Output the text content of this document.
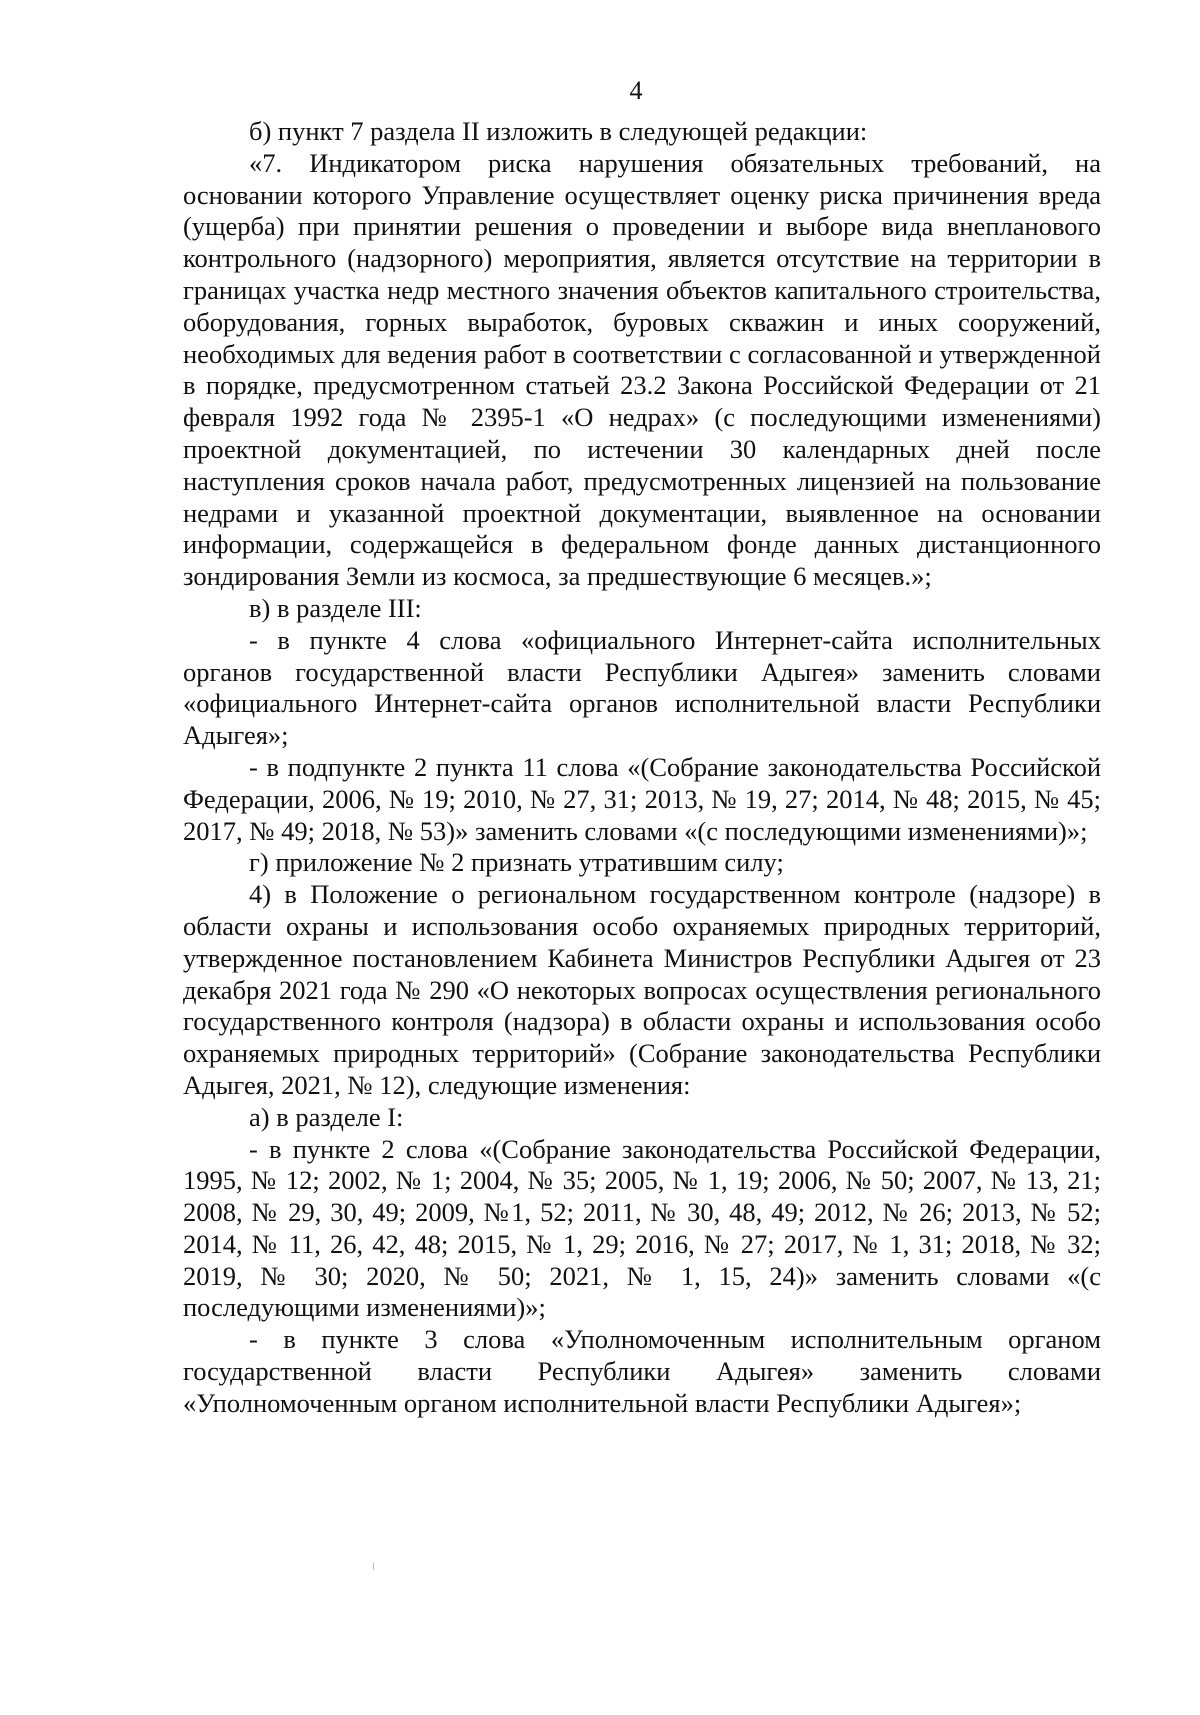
4

б) пункт 7 раздела II изложить в следующей редакции:

«7. Индикатором риска нарушения обязательных требований, на основании которого Управление осуществляет оценку риска причинения вреда (ущерба) при принятии решения о проведении и выборе вида внепланового контрольного (надзорного) мероприятия, является отсутствие на территории в границах участка недр местного значения объектов капитального строительства, оборудования, горных выработок, буровых скважин и иных сооружений, необходимых для ведения работ в соответствии с согласованной и утвержденной в порядке, предусмотренном статьей 23.2 Закона Российской Федерации от 21 февраля 1992 года № 2395-1 «О недрах» (с последующими изменениями) проектной документацией, по истечении 30 календарных дней после наступления сроков начала работ, предусмотренных лицензией на пользование недрами и указанной проектной документации, выявленное на основании информации, содержащейся в федеральном фонде данных дистанционного зондирования Земли из космоса, за предшествующие 6 месяцев.»;

в) в разделе III:

- в пункте 4 слова «официального Интернет-сайта исполнительных органов государственной власти Республики Адыгея» заменить словами «официального Интернет-сайта органов исполнительной власти Республики Адыгея»;

- в подпункте 2 пункта 11 слова «(Собрание законодательства Российской Федерации, 2006, № 19; 2010, № 27, 31; 2013, № 19, 27; 2014, № 48; 2015, № 45; 2017, № 49; 2018, № 53)» заменить словами «(с последующими изменениями)»;

г) приложение № 2 признать утратившим силу;

4) в Положение о региональном государственном контроле (надзоре) в области охраны и использования особо охраняемых природных территорий, утвержденное постановлением Кабинета Министров Республики Адыгея от 23 декабря 2021 года № 290 «О некоторых вопросах осуществления регионального государственного контроля (надзора) в области охраны и использования особо охраняемых природных территорий» (Собрание законодательства Республики Адыгея, 2021, № 12), следующие изменения:

а) в разделе I:

- в пункте 2 слова «(Собрание законодательства Российской Федерации, 1995, № 12; 2002, № 1; 2004, № 35; 2005, № 1, 19; 2006, № 50; 2007, № 13, 21; 2008, № 29, 30, 49; 2009, №1, 52; 2011, № 30, 48, 49; 2012, № 26; 2013, № 52; 2014, № 11, 26, 42, 48; 2015, № 1, 29; 2016, № 27; 2017, № 1, 31; 2018, № 32; 2019, № 30; 2020, № 50; 2021, № 1, 15, 24)» заменить словами «(с последующими изменениями)»;

- в пункте 3 слова «Уполномоченным исполнительным органом государственной власти Республики Адыгея» заменить словами «Уполномоченным органом исполнительной власти Республики Адыгея»;
